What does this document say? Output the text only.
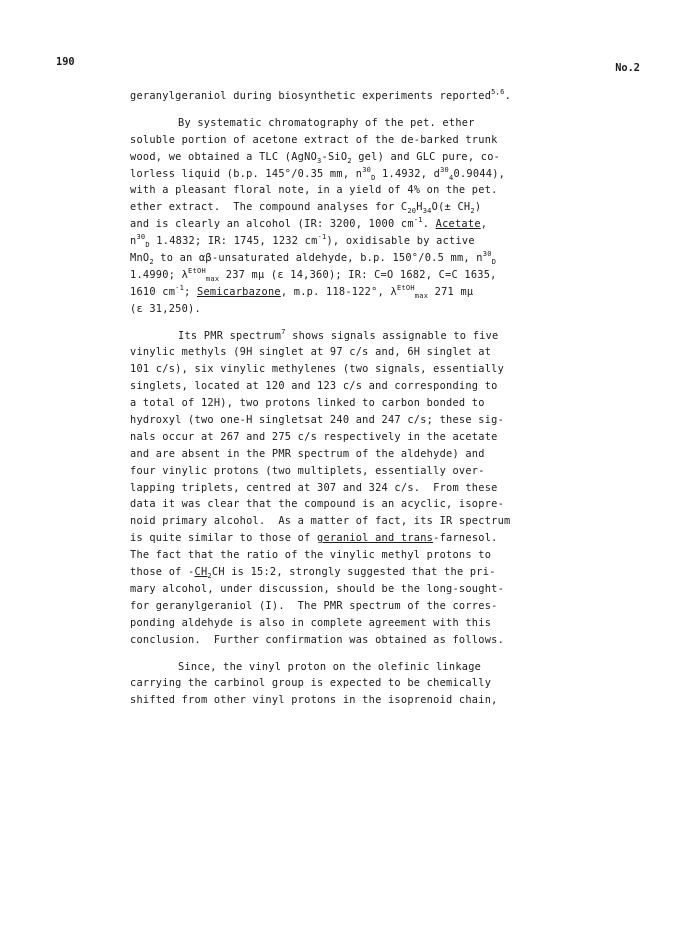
190	No.2
geranylgeraniol during biosynthetic experiments reported$^{5,6}$.
By systematic chromatography of the pet. ether
soluble portion of acetone extract of the de-barked trunk
wood, we obtained a TLC (AgNO$_3$-SiO$_2$ gel) and GLC pure, co-
lorless liquid (b.p. 145°/0.35 mm, $n^{30}_D$ 1.4932, $d^{30}_40.9044$),
with a pleasant floral note, in a yield of 4% on the pet.
ether extract.  The compound analyses for $C_{20}H_{34}O(\pm CH_2)$
and is clearly an alcohol (IR: 3200, 1000 $cm^{-1}$. Acetate,
$n^{30}_D$ 1.4832; IR: 1745, 1232 $cm^{-1}$), oxidisable by active
MnO$_2$ to an αβ-unsaturated aldehyde, b.p. 150°/0.5 mm, $n^{30}_D$
1.4990; $\lambda^{EtOH}_{max}$ 237 mμ (ε 14,360); IR: C=O 1682, C=C 1635,
1610 $cm^{-1}$; Semicarbazone, m.p. 118-122°, $\lambda^{EtOH}_{max}$ 271 mμ
(ε 31,250).
Its PMR spectrum$^7$ shows signals assignable to five
vinylic methyls (9H singlet at 97 c/s and, 6H singlet at
101 c/s), six vinylic methylenes (two signals, essentially
singlets, located at 120 and 123 c/s and corresponding to
a total of 12H), two protons linked to carbon bonded to
hydroxyl (two one-H singletsat 240 and 247 c/s; these sig-
nals occur at 267 and 275 c/s respectively in the acetate
and are absent in the PMR spectrum of the aldehyde) and
four vinylic protons (two multiplets, essentially over-
lapping triplets, centred at 307 and 324 c/s.  From these
data it was clear that the compound is an acyclic, isopre-
noid primary alcohol.  As a matter of fact, its IR spectrum
is quite similar to those of geraniol and trans-farnesol.
The fact that the ratio of the vinylic methyl protons to
those of $-CH_2CH$ is 15:2, strongly suggested that the pri-
mary alcohol, under discussion, should be the long-sought-
for geranylgeraniol (I).  The PMR spectrum of the corres-
ponding aldehyde is also in complete agreement with this
conclusion.  Further confirmation was obtained as follows.
Since, the vinyl proton on the olefinic linkage
carrying the carbinol group is expected to be chemically
shifted from other vinyl protons in the isoprenoid chain,
